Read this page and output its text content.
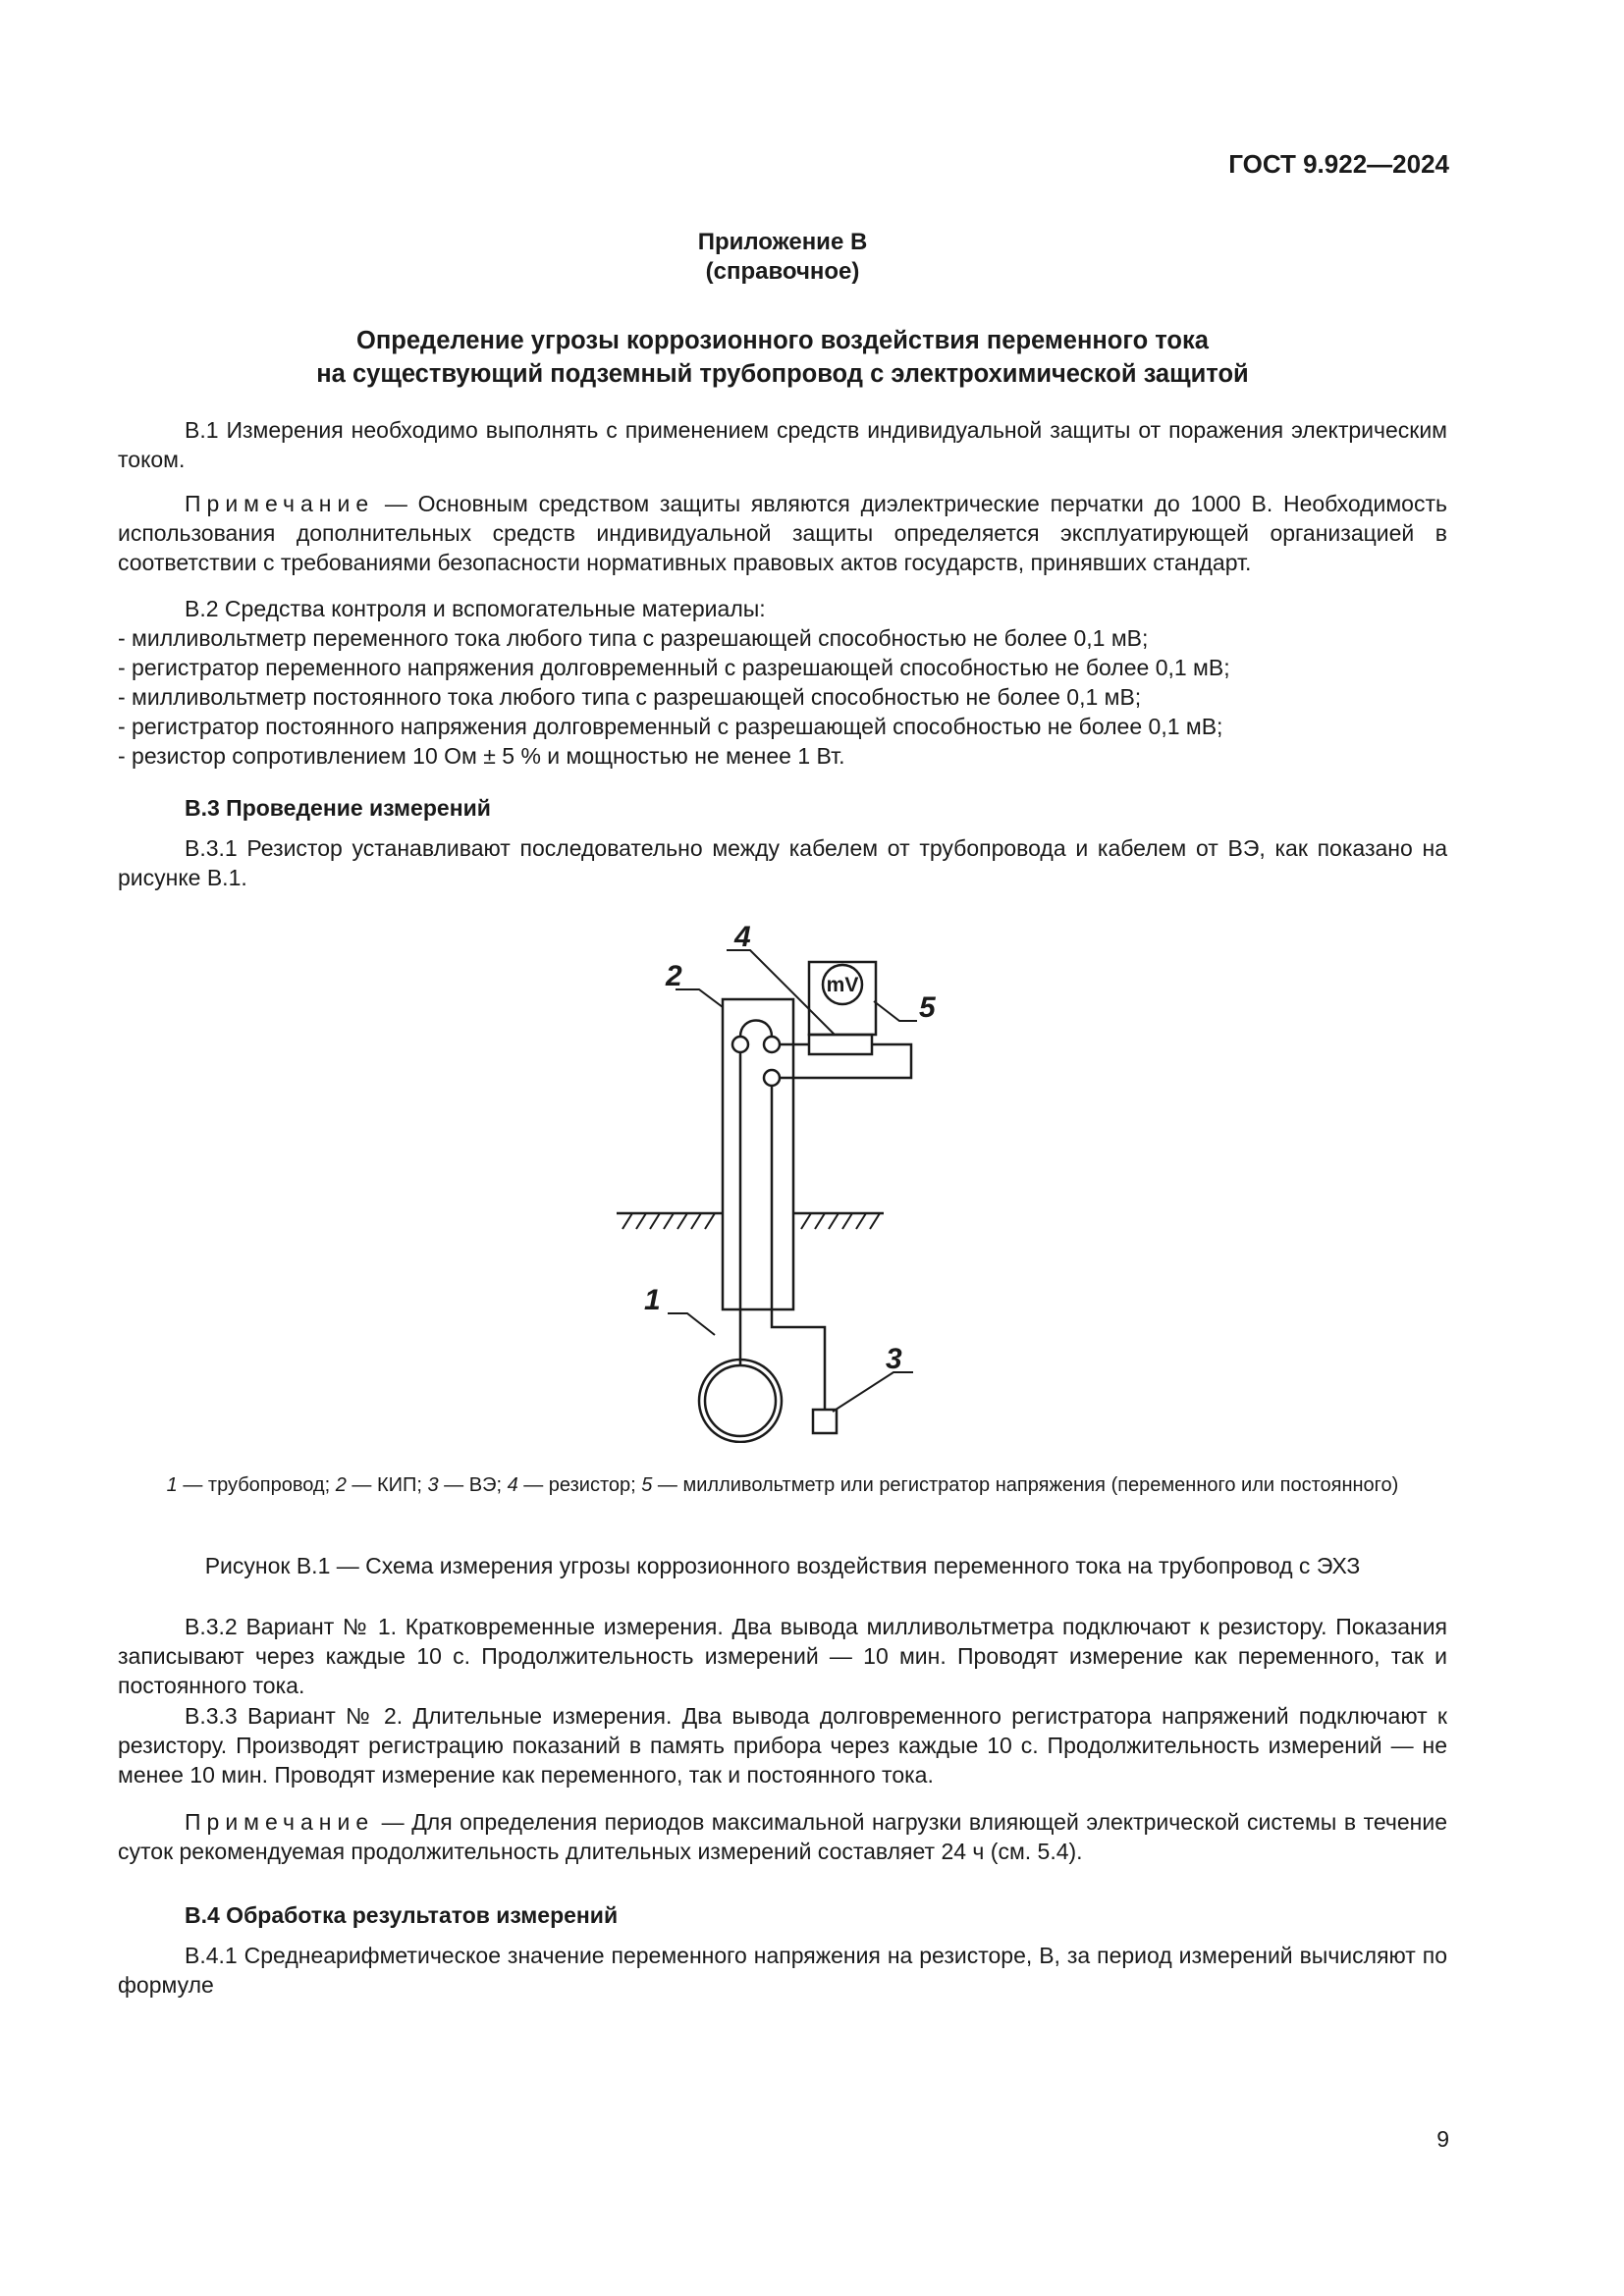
ГОСТ 9.922—2024
Приложение В
(справочное)
Определение угрозы коррозионного воздействия переменного тока
на существующий подземный трубопровод с электрохимической защитой
В.1 Измерения необходимо выполнять с применением средств индивидуальной защиты от поражения электрическим током.
Примечание — Основным средством защиты являются диэлектрические перчатки до 1000 В. Необходимость использования дополнительных средств индивидуальной защиты определяется эксплуатирующей организацией в соответствии с требованиями безопасности нормативных правовых актов государств, принявших стандарт.
В.2 Средства контроля и вспомогательные материалы:
- милливольтметр переменного тока любого типа с разрешающей способностью не более 0,1 мВ;
- регистратор переменного напряжения долговременный с разрешающей способностью не более 0,1 мВ;
- милливольтметр постоянного тока любого типа с разрешающей способностью не более 0,1 мВ;
- регистратор постоянного напряжения долговременный с разрешающей способностью не более 0,1 мВ;
- резистор сопротивлением 10 Ом ± 5 % и мощностью не менее 1 Вт.
В.3 Проведение измерений
В.3.1 Резистор устанавливают последовательно между кабелем от трубопровода и кабелем от ВЭ, как показано на рисунке В.1.
mV
2
4
5
1
3
1 — трубопровод; 2 — КИП; 3 — ВЭ; 4 — резистор; 5 — милливольтметр или регистратор напряжения (переменного или постоянного)
Рисунок В.1 — Схема измерения угрозы коррозионного воздействия переменного тока на трубопровод с ЭХЗ
В.3.2 Вариант № 1. Кратковременные измерения. Два вывода милливольтметра подключают к резистору. Показания записывают через каждые 10 с. Продолжительность измерений — 10 мин. Проводят измерение как переменного, так и постоянного тока.
В.3.3 Вариант № 2. Длительные измерения. Два вывода долговременного регистратора напряжений подключают к резистору. Производят регистрацию показаний в память прибора через каждые 10 с. Продолжительность измерений — не менее 10 мин. Проводят измерение как переменного, так и постоянного тока.
Примечание — Для определения периодов максимальной нагрузки влияющей электрической системы в течение суток рекомендуемая продолжительность длительных измерений составляет 24 ч (см. 5.4).
В.4 Обработка результатов измерений
В.4.1 Среднеарифметическое значение переменного напряжения на резисторе, В, за период измерений вычисляют по формуле
9
